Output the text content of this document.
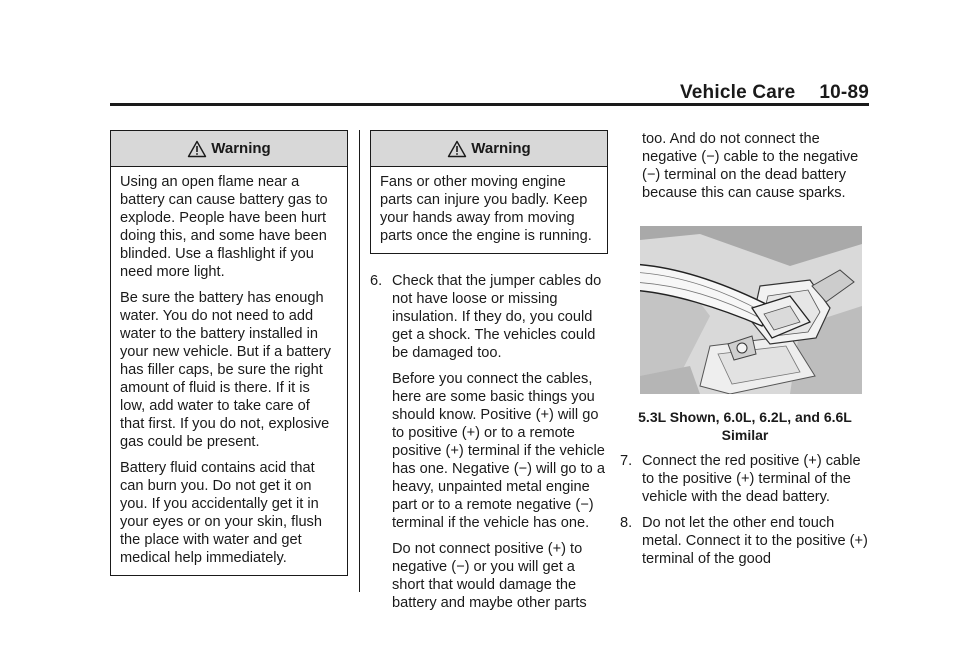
Vehicle Care 10-89
Warning

Using an open flame near a battery can cause battery gas to explode. People have been hurt doing this, and some have been blinded. Use a flashlight if you need more light.

Be sure the battery has enough water. You do not need to add water to the battery installed in your new vehicle. But if a battery has filler caps, be sure the right amount of fluid is there. If it is low, add water to take care of that first. If you do not, explosive gas could be present.

Battery fluid contains acid that can burn you. Do not get it on you. If you accidentally get it in your eyes or on your skin, flush the place with water and get medical help immediately.

Warning

Fans or other moving engine parts can injure you badly. Keep your hands away from moving parts once the engine is running.

6. Check that the jumper cables do not have loose or missing insulation. If they do, you could get a shock. The vehicles could be damaged too.

Before you connect the cables, here are some basic things you should know. Positive (+) will go to positive (+) or to a remote positive (+) terminal if the vehicle has one. Negative (−) will go to a heavy, unpainted metal engine part or to a remote negative (−) terminal if the vehicle has one.

Do not connect positive (+) to negative (−) or you will get a short that would damage the battery and maybe other parts

too. And do not connect the negative (−) cable to the negative (−) terminal on the dead battery because this can cause sparks.

5.3L Shown, 6.0L, 6.2L, and 6.6L Similar
7. Connect the red positive (+) cable to the positive (+) terminal of the vehicle with the dead battery.
8. Do not let the other end touch metal. Connect it to the positive (+) terminal of the good
